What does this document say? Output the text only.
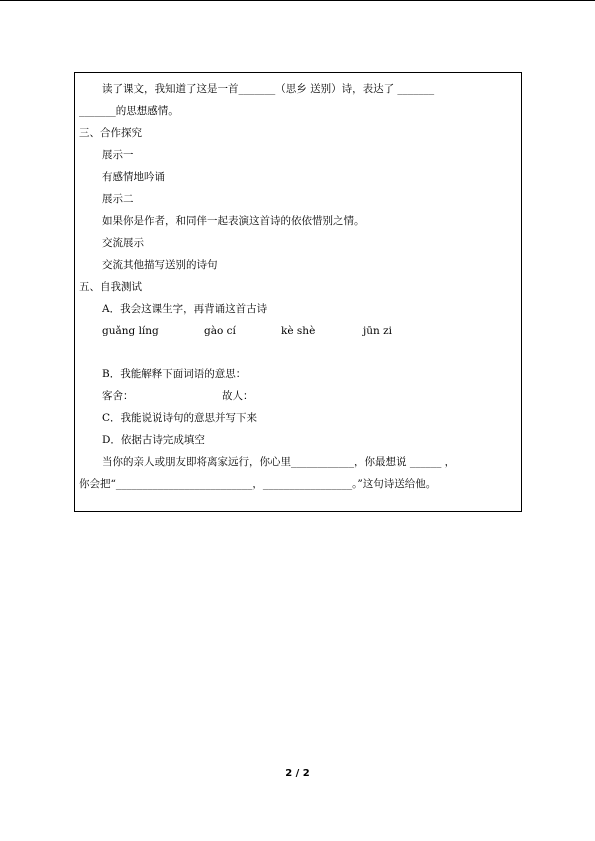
读了课文，我知道了这是一首_______（思乡 送别）诗，表达了 _______
_______的思想感情。
三、合作探究
展示一
有感情地吟诵
展示二
如果你是作者，和同伴一起表演这首诗的依依惜别之情。
交流展示
交流其他描写送别的诗句
五、自我测试
A．我会这课生字，再背诵这首古诗
guǎng líng	gào cí	kè shè	jūn zi
B．我能解释下面词语的意思：
客舍：	故人：
C．我能说说诗句的意思并写下来
D．依据古诗完成填空
当你的亲人或朋友即将离家远行，你心里____________，你最想说 ______ ，
你会把“__________________________，_________________。”这句诗送给他。
2 / 2
